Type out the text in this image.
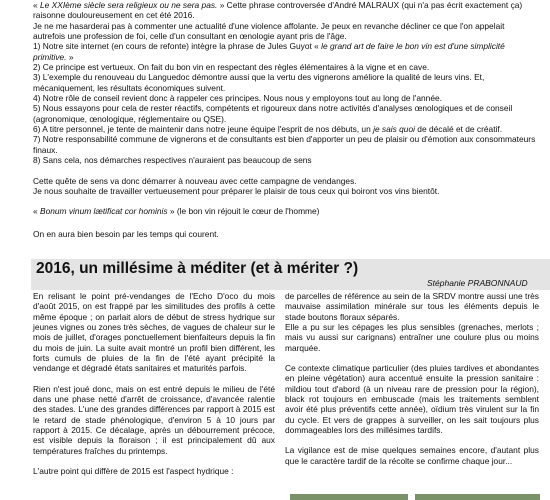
« Le XXIème siècle sera religieux ou ne sera pas. » Cette phrase controversée d'André MALRAUX (qui n'a pas écrit exactement ça) raisonne douloureusement en cet été 2016.

Je ne me hasarderai pas à commenter une actualité d'une violence affolante. Je peux en revanche décliner ce que l'on appelait autrefois une profession de foi, celle d'un consultant en œnologie ayant pris de l'âge.

1) Notre site internet (en cours de refonte) intègre la phrase de Jules Guyot « le grand art de faire le bon vin est d'une simplicité primitive. »

2) Ce principe est vertueux. On fait du bon vin en respectant des règles élémentaires à la vigne et en cave.

3) L'exemple du renouveau du Languedoc démontre aussi que la vertu des vignerons améliore la qualité de leurs vins. Et, mécaniquement, les résultats économiques suivent.

4) Notre rôle de conseil revient donc à rappeler ces principes. Nous nous y employons tout au long de l'année.

5) Nous essayons pour cela de rester réactifs, compétents et rigoureux dans notre activités d'analyses œnologiques et de conseil (agronomique, œnologique, réglementaire ou QSE).

6) A titre personnel, je tente de maintenir dans notre jeune équipe l'esprit de nos débuts, un je sais quoi de décalé et de créatif.

7) Notre responsabilité commune de vignerons et de consultants est bien d'apporter un peu de plaisir ou d'émotion aux consommateurs finaux.

8) Sans cela, nos démarches respectives n'auraient pas beaucoup de sens

Cette quête de sens va donc démarrer à nouveau avec cette campagne de vendanges.

Je nous souhaite de travailler vertueusement pour préparer le plaisir de tous ceux qui boiront vos vins bientôt.

« Bonum vinum lætificat cor hominis » (le bon vin réjouit le cœur de l'homme)

On en aura bien besoin par les temps qui courent.

2016, un millésime à méditer (et à mériter ?)
Stéphanie PRABONNAUD

En relisant le point pré-vendanges de l'Echo D'oco du mois d'août 2015, on est frappé par les similitudes des profils à cette même époque ; on parlait alors de début de stress hydrique sur jeunes vignes ou zones très sèches, de vagues de chaleur sur le mois de juillet, d'orages ponctuellement bienfaiteurs depuis la fin du mois de juin. La suite avait montré un profil bien différent, les forts cumuls de pluies de la fin de l'été ayant précipité la vendange et dégradé états sanitaires et maturités parfois.

Rien n'est joué donc, mais on est entré depuis le milieu de l'été dans une phase netté d'arrêt de croissance, d'avancée ralentie des stades. L'une des grandes différences par rapport à 2015 est le retard de stade phénologique, d'environ 5 à 10 jours par rapport à 2015. Ce décalage, après un débourrement précoce, est visible depuis la floraison ; il est principalement dû aux températures fraîches du printemps.

L'autre point qui diffère de 2015 est l'aspect hydrique :

de parcelles de référence au sein de la SRDV montre aussi une très mauvaise assimilation minérale sur tous les éléments depuis le stade boutons floraux séparés.

Elle a pu sur les cépages les plus sensibles (grenaches, merlots ; mais vu aussi sur carignans) entraîner une coulure plus ou moins marquée.

Ce contexte climatique particulier (des pluies tardives et abondantes en pleine végétation) aura accentué ensuite la pression sanitaire : mildiou tout d'abord (à un niveau rare de pression pour la région), black rot toujours en embuscade (mais les traitements semblent avoir été plus préventifs cette année), oïdium très virulent sur la fin du cycle. Et vers de grappes à surveiller, on les sait toujours plus dommageables lors des millésimes tardifs.

La vigilance est de mise quelques semaines encore, d'autant plus que le caractère tardif de la récolte se confirme chaque jour...
